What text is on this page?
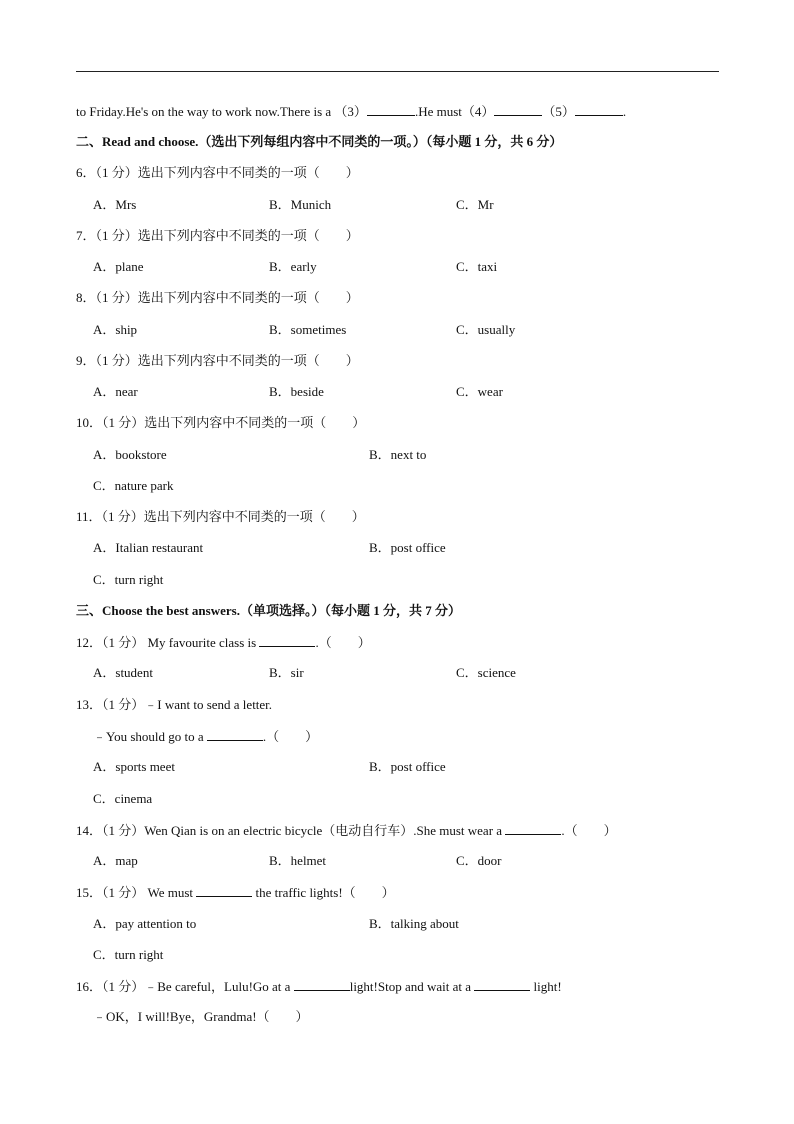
to Friday.He's on the way to work now.There is a （3）	.He must（4）	（5）	.
二、Read and choose.（选出下列每组内容中不同类的一项。）（每小题 1 分，共 6 分）
6．（1 分）选出下列内容中不同类的一项（　　）
A．Mrs	B．Munich	C．Mr
7．（1 分）选出下列内容中不同类的一项（　　）
A．plane	B．early	C．taxi
8．（1 分）选出下列内容中不同类的一项（　　）
A．ship	B．sometimes	C．usually
9．（1 分）选出下列内容中不同类的一项（　　）
A．near	B．beside	C．wear
10．（1 分）选出下列内容中不同类的一项（　　）
A．bookstore	B．next to
C．nature park
11．（1 分）选出下列内容中不同类的一项（　　）
A．Italian restaurant	B．post office
C．turn right
三、Choose the best answers.（单项选择。）（每小题 1 分，共 7 分）
12．（1 分） My favourite class is	.（　　）
A．student	B．sir	C．science
13．（1 分）﹣I want to send a letter.
﹣You should go to a	.（　　）
A．sports meet	B．post office
C．cinema
14．（1 分）Wen Qian is on an electric bicycle（电动自行车）.She must wear a	.（　　）
A．map	B．helmet	C．door
15．（1 分） We must	the traffic lights!（　　）
A．pay attention to	B．talking about
C．turn right
16．（1 分）﹣Be careful，Lulu!Go at a	light!Stop and wait at a	light!
﹣OK，I will!Bye，Grandma!（　　）
